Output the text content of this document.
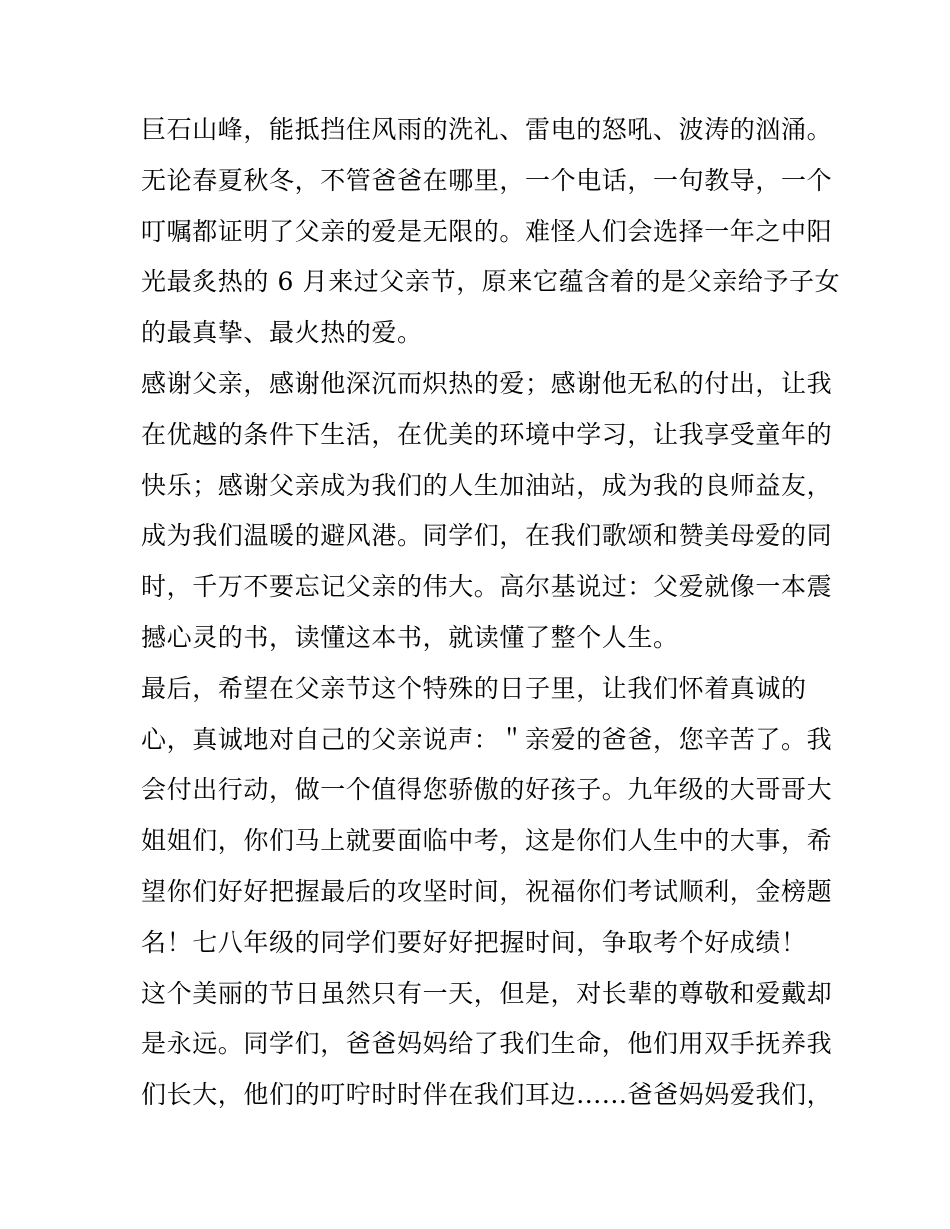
巨石山峰，能抵挡住风雨的洗礼、雷电的怒吼、波涛的汹涌。
无论春夏秋冬，不管爸爸在哪里，一个电话，一句教导，一个
叮嘱都证明了父亲的爱是无限的。难怪人们会选择一年之中阳
光最炙热的 6 月来过父亲节，原来它蕴含着的是父亲给予子女
的最真挚、最火热的爱。
感谢父亲，感谢他深沉而炽热的爱；感谢他无私的付出，让我
在优越的条件下生活，在优美的环境中学习，让我享受童年的
快乐；感谢父亲成为我们的人生加油站，成为我的良师益友，
成为我们温暖的避风港。同学们，在我们歌颂和赞美母爱的同
时，千万不要忘记父亲的伟大。高尔基说过：父爱就像一本震
撼心灵的书，读懂这本书，就读懂了整个人生。
最后，希望在父亲节这个特殊的日子里，让我们怀着真诚的
心，真诚地对自己的父亲说声：＂亲爱的爸爸，您辛苦了。我
会付出行动，做一个值得您骄傲的好孩子。九年级的大哥哥大
姐姐们，你们马上就要面临中考，这是你们人生中的大事，希
望你们好好把握最后的攻坚时间，祝福你们考试顺利，金榜题
名！七八年级的同学们要好好把握时间，争取考个好成绩！
这个美丽的节日虽然只有一天，但是，对长辈的尊敬和爱戴却
是永远。同学们，爸爸妈妈给了我们生命，他们用双手抚养我
们长大，他们的叮咛时时伴在我们耳边......爸爸妈妈爱我们，
